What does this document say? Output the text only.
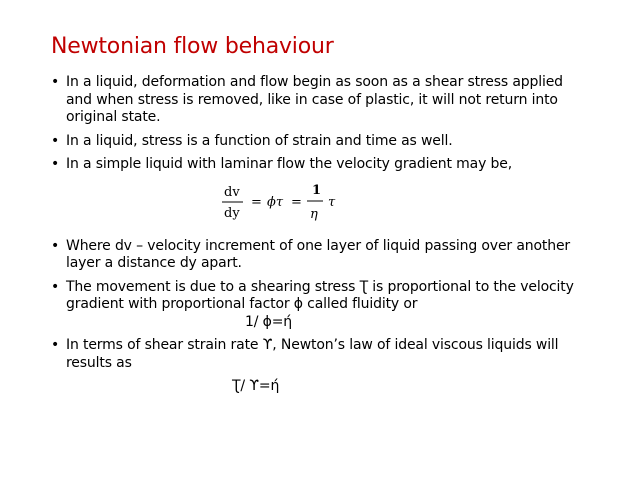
Newtonian flow behaviour
• In a liquid, deformation and flow begin as soon as a shear stress applied and when stress is removed, like in case of plastic, it will not return into original state.
• In a liquid, stress is a function of strain and time as well.
• In a simple liquid with laminar flow the velocity gradient may be,
dv
dy
= ϕτ =
1
η
τ
• Where dv – velocity increment of one layer of liquid passing over another layer a distance dy apart.
• The movement is due to a shearing stress Ʈ is proportional to the velocity gradient with proportional factor ɸ called fluidity or
1/ ɸ=ή
• In terms of shear strain rate ϒ, Newton’s law of ideal viscous liquids will results as
Ʈ/ ϒ=ή
